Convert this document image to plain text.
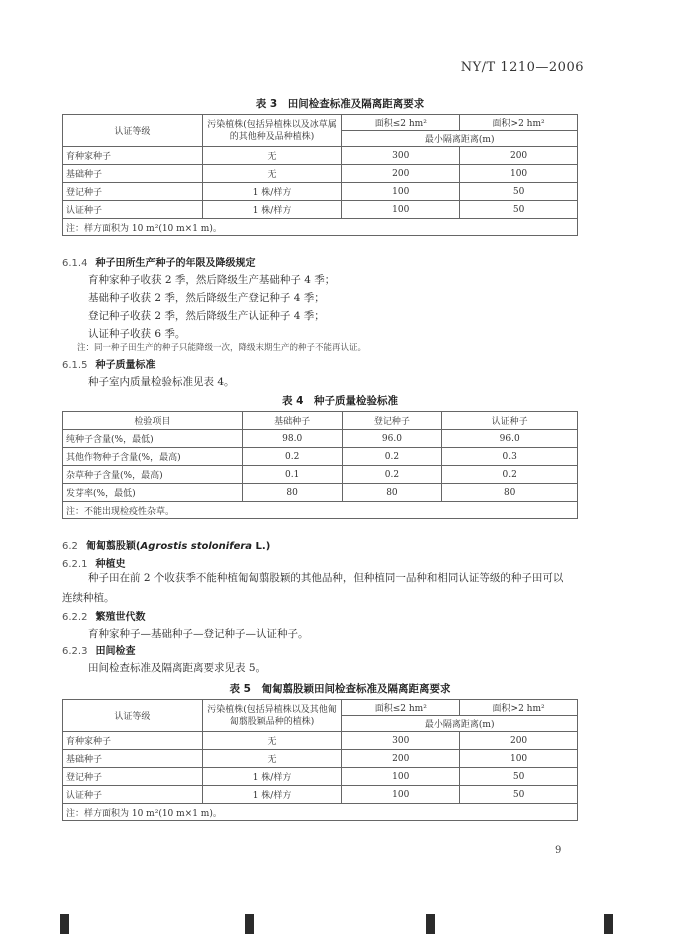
NY/T 1210—2006
表 3　田间检查标准及隔离距离要求
认证等级	污染植株(包括异植株以及冰草属的其他种及品种植株)	面积≤2 hm²	面积>2 hm²
		最小隔离距离(m)	
育种家种子	无	300	200
基础种子	无	200	100
登记种子	1 株/样方	100	50
认证种子	1 株/样方	100	50
注：样方面积为 10 m²(10 m×1 m)。			
6.1.4 种子田所生产种子的年限及降级规定
育种家种子收获 2 季，然后降级生产基础种子 4 季；
基础种子收获 2 季，然后降级生产登记种子 4 季；
登记种子收获 2 季，然后降级生产认证种子 4 季；
认证种子收获 6 季。
注：同一种子田生产的种子只能降级一次，降级末期生产的种子不能再认证。
6.1.5 种子质量标准
种子室内质量检验标准见表 4。
表 4　种子质量检验标准
检验项目	基础种子	登记种子	认证种子
纯种子含量(%，最低)	98.0	96.0	96.0
其他作物种子含量(%，最高)	0.2	0.2	0.3
杂草种子含量(%，最高)	0.1	0.2	0.2
发芽率(%，最低)	80	80	80
注：不能出现检疫性杂草。			
6.2 匍匐翦股颖(Agrostis stolonifera L.)
6.2.1 种植史
种子田在前 2 个收获季不能种植匍匐翦股颖的其他品种，但种植同一品种和相同认证等级的种子田可以连续种植。
6.2.2 繁殖世代数
育种家种子—基础种子—登记种子—认证种子。
6.2.3 田间检查
田间检查标准及隔离距离要求见表 5。
表 5　匍匐翦股颖田间检查标准及隔离距离要求
认证等级	污染植株(包括异植株以及其他匍匐翦股颖品种的植株)	面积≤2 hm²	面积>2 hm²
		最小隔离距离(m)	
育种家种子	无	300	200
基础种子	无	200	100
登记种子	1 株/样方	100	50
认证种子	1 株/样方	100	50
注：样方面积为 10 m²(10 m×1 m)。			
9
